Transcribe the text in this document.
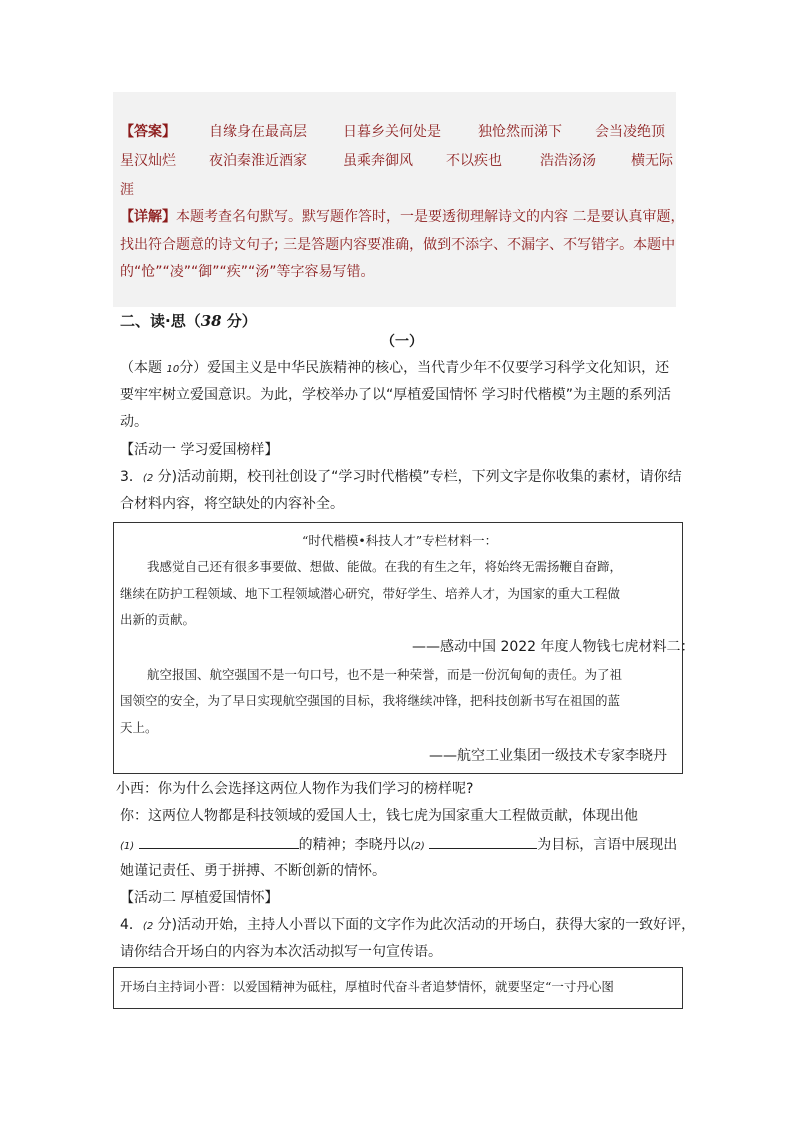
【答案】 自缘身在最高层	日暮乡关何处是	独怆然而涕下 会当凌绝顶
星汉灿烂 夜泊秦淮近酒家	虽乘奔御风 不以疾也	浩浩汤汤	横无际
涯
【详解】本题考查名句默写。默写题作答时，一是要透彻理解诗文的内容 二是要认真审题，
找出符合题意的诗文句子; 三是答题内容要准确，做到不添字、不漏字、不写错字。本题中
的“怆”“凌”“御”“疾”“汤”等字容易写错。
二、读·思（38 分）
（一）
（本题 10分）爱国主义是中华民族精神的核心，当代青少年不仅要学习科学文化知识，还
要牢牢树立爱国意识。为此，学校举办了以“厚植爱国情怀 学习时代楷模”为主题的系列活
动。
【活动一 学习爱国榜样】
3．(2 分)活动前期，校刊社创设了“学习时代楷模”专栏，下列文字是你收集的素材，请你结
合材料内容，将空缺处的内容补全。
“时代楷模•科技人才”专栏材料一：
我感觉自己还有很多事要做、想做、能做。在我的有生之年，将始终无需扬鞭自奋蹄，
继续在防护工程领域、地下工程领域潜心研究，带好学生、培养人才，为国家的重大工程做
出新的贡献。
——感动中国 2022 年度人物钱七虎材料二：
航空报国、航空强国不是一句口号，也不是一种荣誉，而是一份沉甸甸的责任。为了祖
国领空的安全，为了早日实现航空强国的目标，我将继续冲锋，把科技创新书写在祖国的蓝
天上。
——航空工业集团一级技术专家李晓丹
小西：你为什么会选择这两位人物作为我们学习的榜样呢?
你：这两位人物都是科技领域的爱国人士，钱七虎为国家重大工程做贡献，体现出他
(1)	的精神；李晓丹以(2)	为目标，言语中展现出
她谨记责任、勇于拼搏、不断创新的情怀。
【活动二 厚植爱国情怀】
4．(2 分)活动开始，主持人小晋以下面的文字作为此次活动的开场白，获得大家的一致好评，
请你结合开场白的内容为本次活动拟写一句宣传语。
开场白主持词小晋：以爱国精神为砥柱，厚植时代奋斗者追梦情怀，就要坚定“一寸丹心图
